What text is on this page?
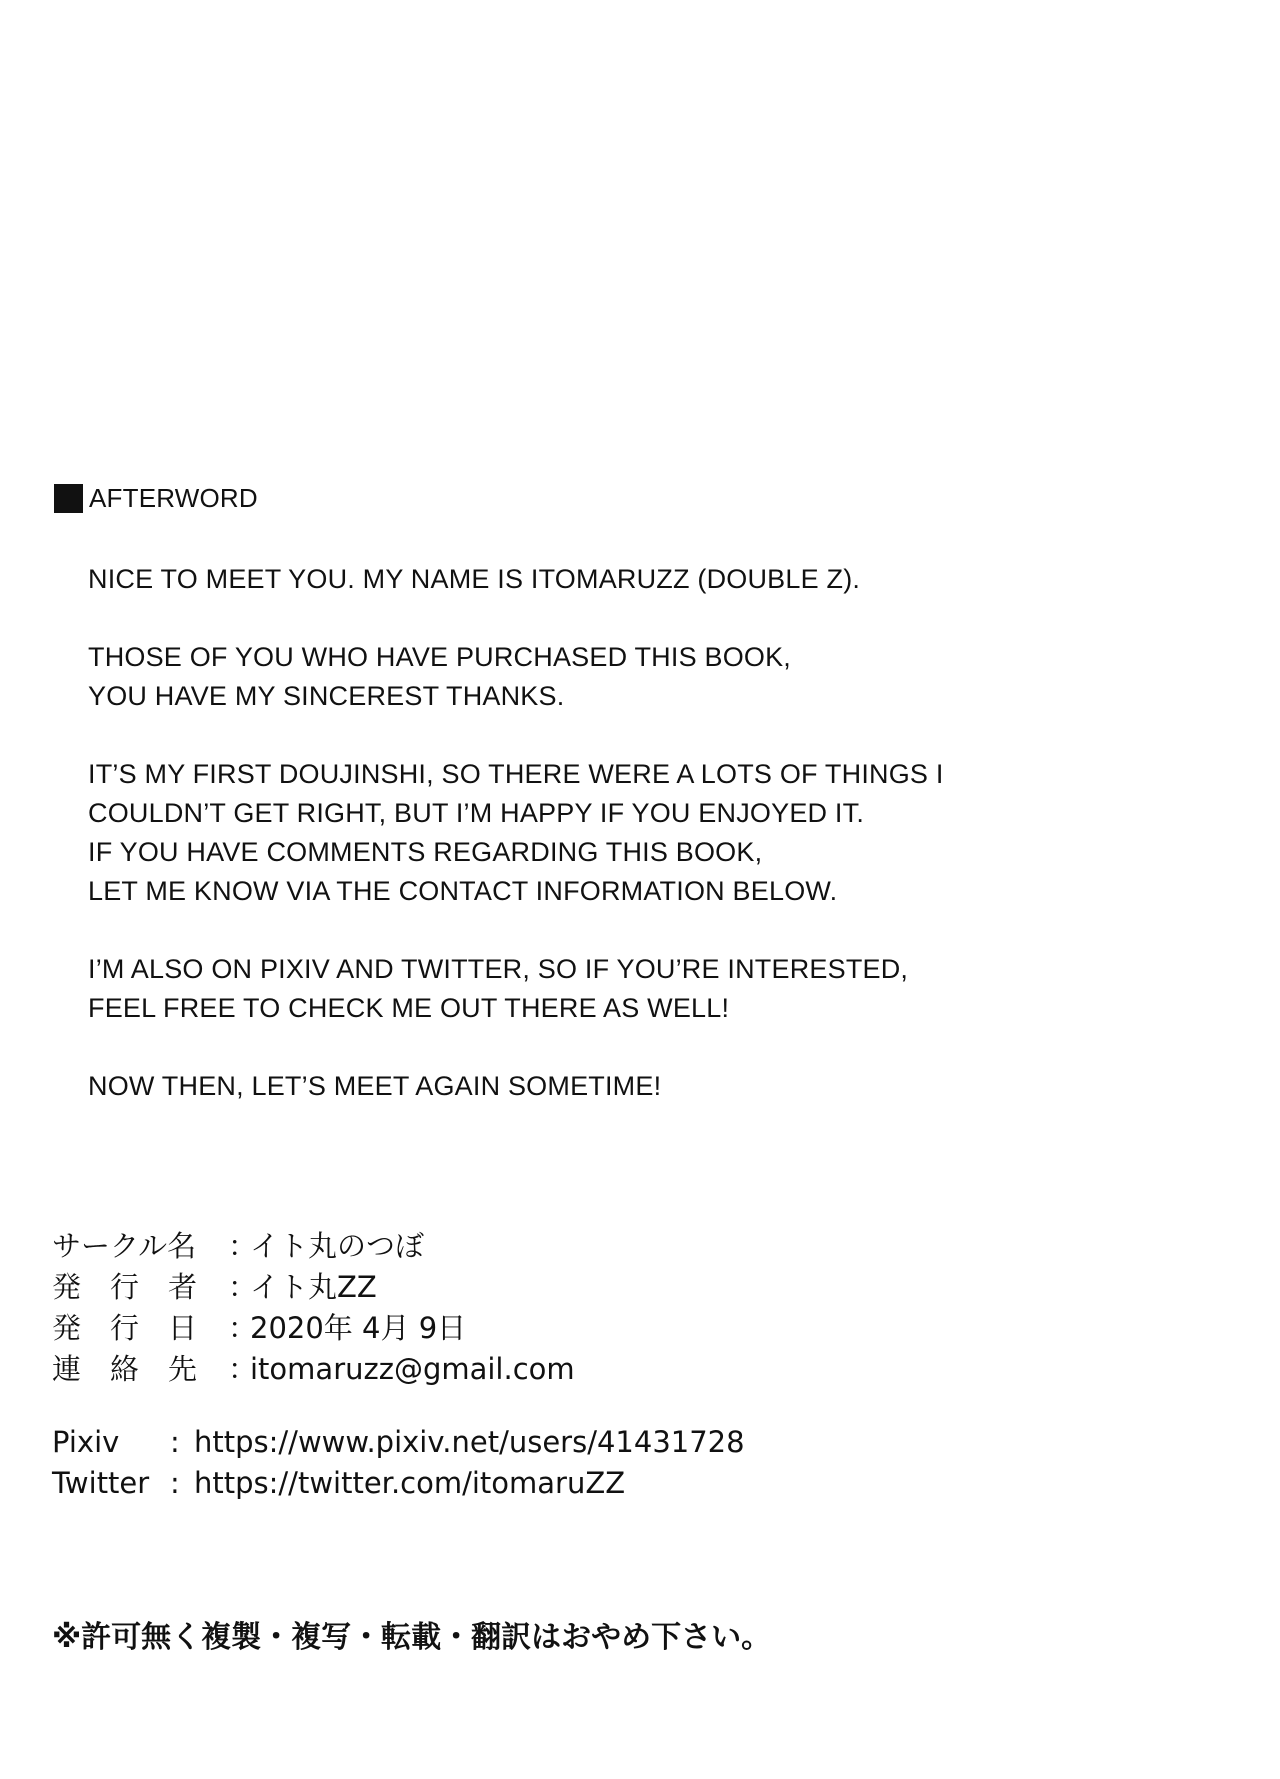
AFTERWORD
NICE TO MEET YOU. MY NAME IS ITOMARUZZ (DOUBLE Z).
THOSE OF YOU WHO HAVE PURCHASED THIS BOOK,
YOU HAVE MY SINCEREST THANKS.
IT’S MY FIRST DOUJINSHI, SO THERE WERE A LOTS OF THINGS I
COULDN’T GET RIGHT, BUT I’M HAPPY IF YOU ENJOYED IT.
IF YOU HAVE COMMENTS REGARDING THIS BOOK,
LET ME KNOW VIA THE CONTACT INFORMATION BELOW.
I’M ALSO ON PIXIV AND TWITTER, SO IF YOU’RE INTERESTED,
FEEL FREE TO CHECK ME OUT THERE AS WELL!
NOW THEN, LET’S MEET AGAIN SOMETIME!
サークル名	：
イト丸のつぼ
発　行　者	：
イト丸ZZ
発　行　日	：
2020年 4月 9日
連　絡　先	：
itomaruzz@gmail.com
Pixiv	: https://www.pixiv.net/users/41431728
Twitter : https://twitter.com/itomaruZZ
※許可無く複製・複写・転載・翻訳はおやめ下さい。
